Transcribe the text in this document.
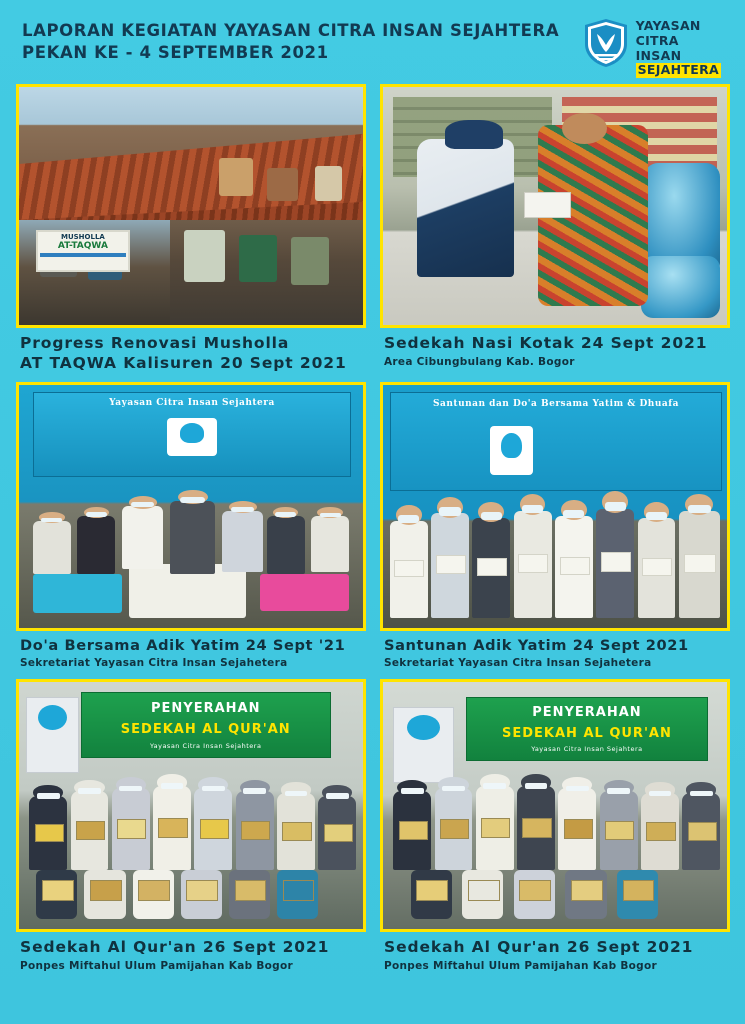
LAPORAN KEGIATAN YAYASAN CITRA INSAN SEJAHTERA
PEKAN KE - 4 SEPTEMBER 2021
YAYASAN
CITRA
INSAN
SEJAHTERA
MUSHOLLA
AT-TAQWA
Progress Renovasi Musholla
AT TAQWA Kalisuren 20 Sept 2021
Sedekah Nasi Kotak 24 Sept 2021
Area Cibungbulang Kab. Bogor
Yayasan Citra Insan Sejahtera
Do'a Bersama Adik Yatim 24 Sept '21
Sekretariat Yayasan Citra Insan Sejahetera
Santunan dan Do'a Bersama Yatim & Dhuafa
Santunan Adik Yatim 24 Sept 2021
Sekretariat Yayasan Citra Insan Sejahetera
PENYERAHAN
SEDEKAH AL QUR'AN
Yayasan Citra Insan Sejahtera
Sedekah Al Qur'an 26 Sept 2021
Ponpes Miftahul Ulum Pamijahan Kab Bogor
PENYERAHAN
SEDEKAH AL QUR'AN
Yayasan Citra Insan Sejahtera
Sedekah Al Qur'an 26 Sept 2021
Ponpes Miftahul Ulum Pamijahan Kab Bogor
